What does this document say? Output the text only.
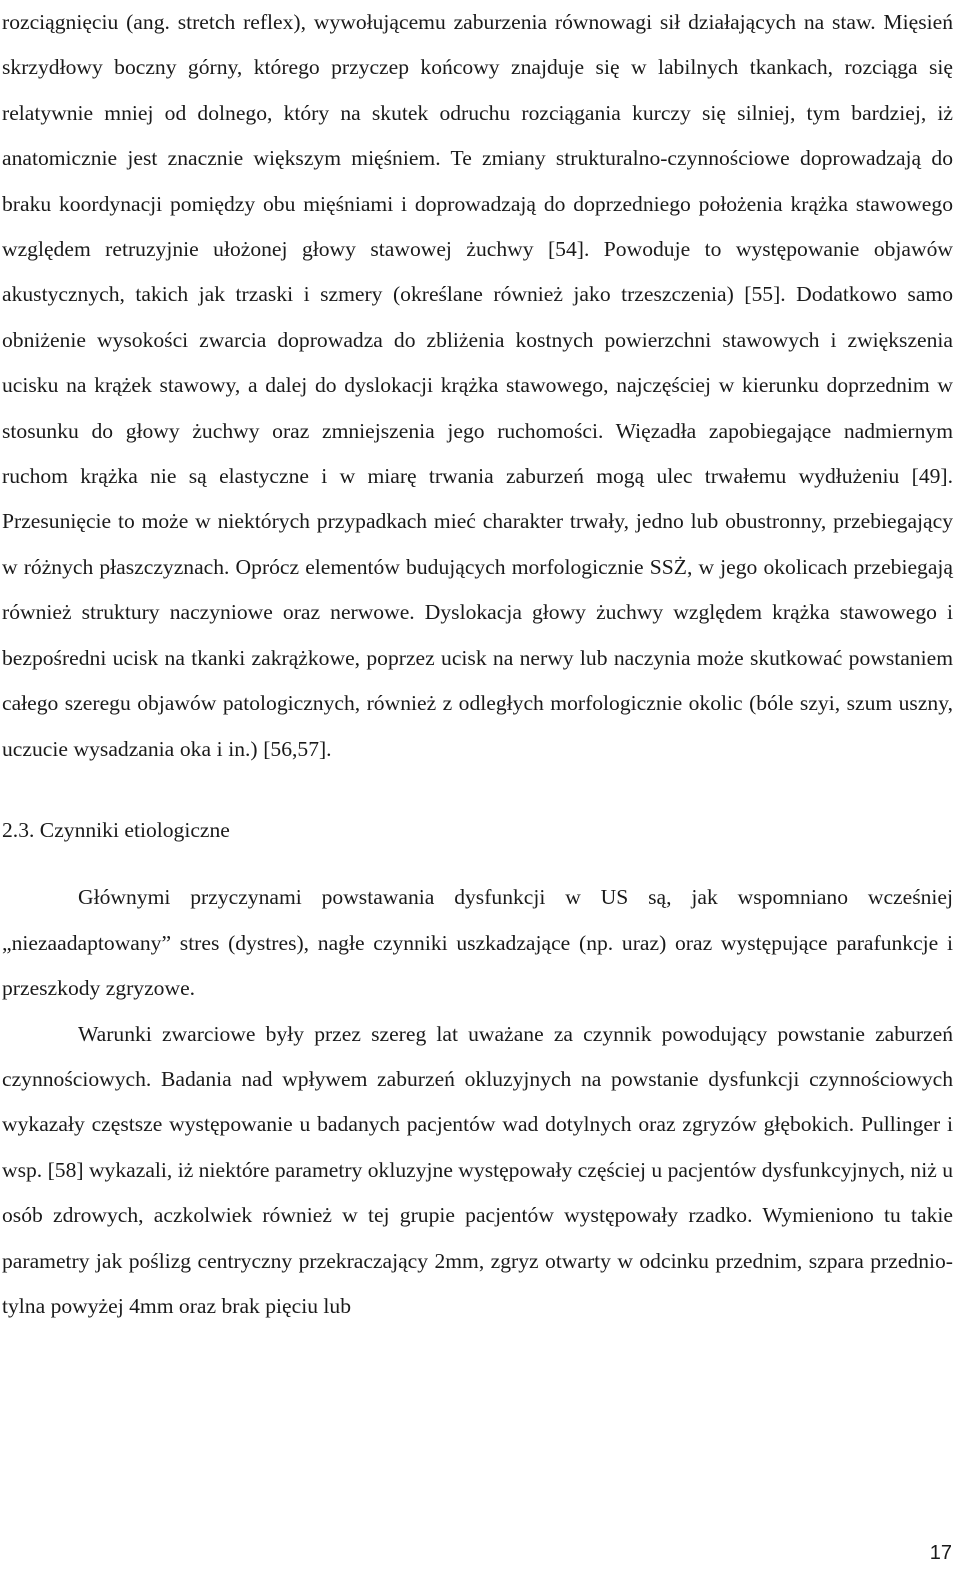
rozciągnięciu (ang. stretch reflex), wywołującemu zaburzenia równowagi sił działających na staw. Mięsień skrzydłowy boczny górny, którego przyczep końcowy znajduje się w labilnych tkankach, rozciąga się relatywnie mniej od dolnego, który na skutek odruchu rozciągania kurczy się silniej, tym bardziej, iż anatomicznie jest znacznie większym mięśniem. Te zmiany strukturalno-czynnościowe doprowadzają do braku koordynacji pomiędzy obu mięśniami i doprowadzają do doprzedniego położenia krążka stawowego względem retruzyjnie ułożonej głowy stawowej żuchwy [54]. Powoduje to występowanie objawów akustycznych, takich jak trzaski i szmery (określane również jako trzeszczenia) [55]. Dodatkowo samo obniżenie wysokości zwarcia doprowadza do zbliżenia kostnych powierzchni stawowych i zwiększenia ucisku na krążek stawowy, a dalej do dyslokacji krążka stawowego, najczęściej w kierunku doprzednim w stosunku do głowy żuchwy oraz zmniejszenia jego ruchomości. Więzadła zapobiegające nadmiernym ruchom krążka nie są elastyczne i w miarę trwania zaburzeń mogą ulec trwałemu wydłużeniu [49]. Przesunięcie to może w niektórych przypadkach mieć charakter trwały, jedno lub obustronny, przebiegający w różnych płaszczyznach. Oprócz elementów budujących morfologicznie SSŻ, w jego okolicach przebiegają również struktury naczyniowe oraz nerwowe. Dyslokacja głowy żuchwy względem krążka stawowego i bezpośredni ucisk na tkanki zakrążkowe, poprzez ucisk na nerwy lub naczynia może skutkować powstaniem całego szeregu objawów patologicznych, również z odległych morfologicznie okolic (bóle szyi, szum uszny, uczucie wysadzania oka i in.) [56,57].

2.3. Czynniki etiologiczne

Głównymi przyczynami powstawania dysfunkcji w US są, jak wspomniano wcześniej „niezaadaptowany” stres (dystres), nagłe czynniki uszkadzające (np. uraz) oraz występujące parafunkcje i przeszkody zgryzowe.

Warunki zwarciowe były przez szereg lat uważane za czynnik powodujący powstanie zaburzeń czynnościowych. Badania nad wpływem zaburzeń okluzyjnych na powstanie dysfunkcji czynnościowych wykazały częstsze występowanie u badanych pacjentów wad dotylnych oraz zgryzów głębokich. Pullinger i wsp. [58] wykazali, iż niektóre parametry okluzyjne występowały częściej u pacjentów dysfunkcyjnych, niż u osób zdrowych, aczkolwiek również w tej grupie pacjentów występowały rzadko. Wymieniono tu takie parametry jak poślizg centryczny przekraczający 2mm, zgryz otwarty w odcinku przednim, szpara przednio-tylna powyżej 4mm oraz brak pięciu lub

17
